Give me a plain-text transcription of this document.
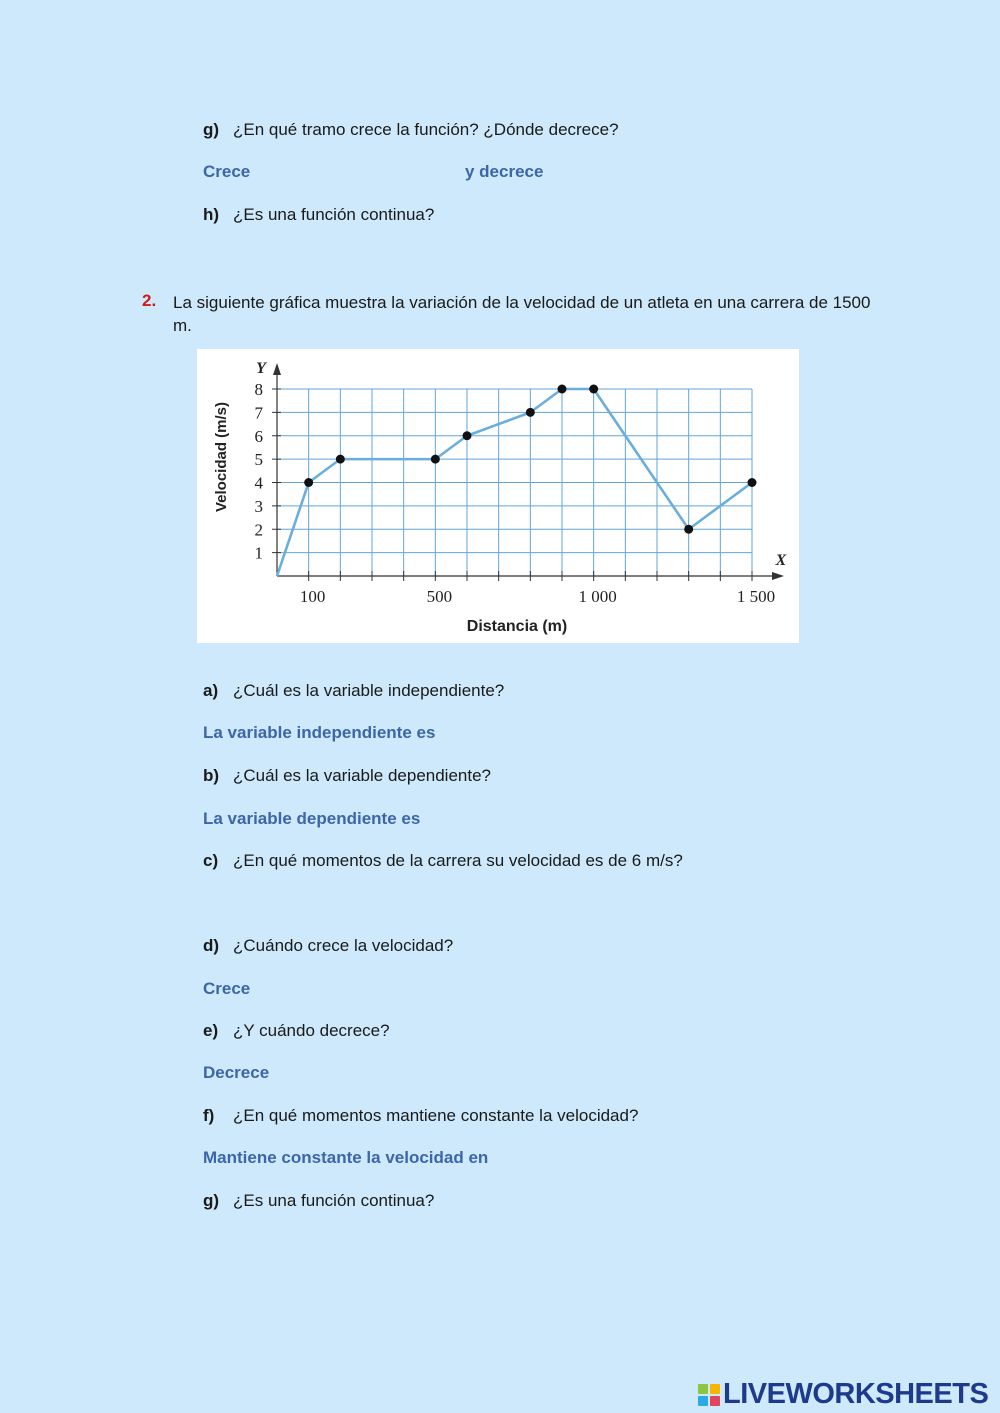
g) ¿En qué tramo crece la función? ¿Dónde decrece?
Crece	y decrece
h) ¿Es una función continua?
2. La siguiente gráfica muestra la variación de la velocidad de un atleta en una carrera de 1500 m.
1
2
3
4
5
6
7
8
100	500	1 000	1 500
Velocidad (m/s)
Distancia (m)
Y
X
a) ¿Cuál es la variable independiente?
La variable independiente es
b) ¿Cuál es la variable dependiente?
La variable dependiente es
c) ¿En qué momentos de la carrera su velocidad es de 6 m/s?
d) ¿Cuándo crece la velocidad?
Crece
e) ¿Y cuándo decrece?
Decrece
f) ¿En qué momentos mantiene constante la velocidad?
Mantiene constante la velocidad en
g) ¿Es una función continua?
LIVEWORKSHEETS
